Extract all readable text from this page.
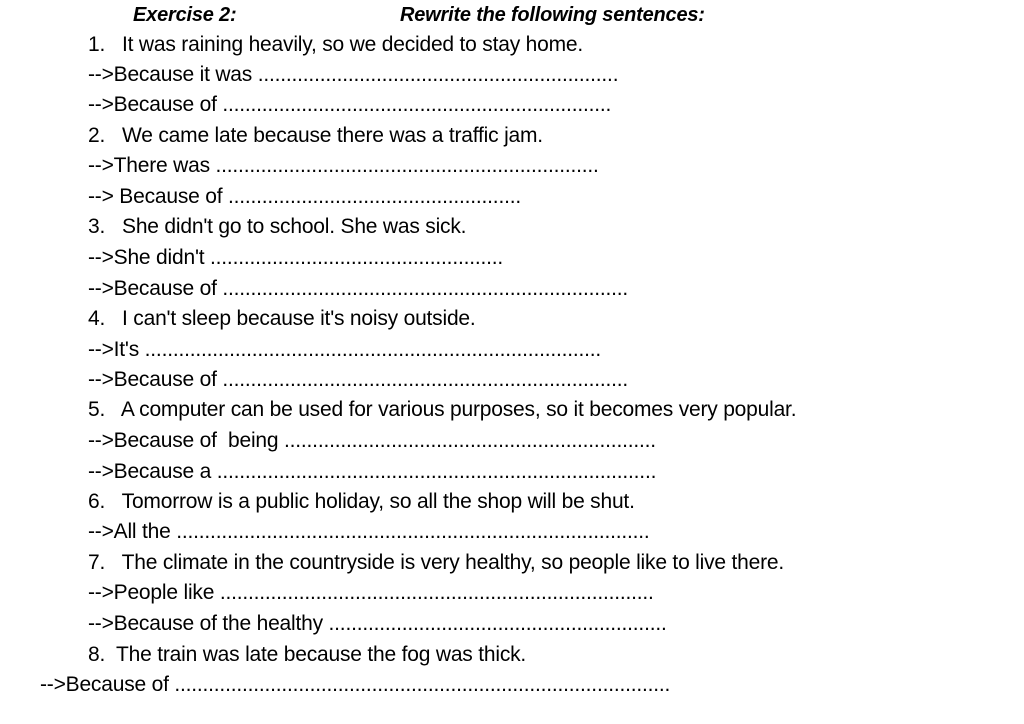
Exercise 2:	Rewrite the following sentences:
1.   It was raining heavily, so we decided to stay home.
-->Because it was ................................................................
-->Because of .....................................................................
2.   We came late because there was a traffic jam.
-->There was ....................................................................
--> Because of ....................................................
3.   She didn't go to school. She was sick.
-->She didn't ....................................................
-->Because of ........................................................................
4.   I can't sleep because it's noisy outside.
-->It's .................................................................................
-->Because of ........................................................................
5.   A computer can be used for various purposes, so it becomes very popular.
-->Because of  being ..................................................................
-->Because a ..............................................................................
6.   Tomorrow is a public holiday, so all the shop will be shut.
-->All the ....................................................................................
7.   The climate in the countryside is very healthy, so people like to live there.
-->People like .............................................................................
-->Because of the healthy ............................................................
8.  The train was late because the fog was thick.
-->Because of ........................................................................................
